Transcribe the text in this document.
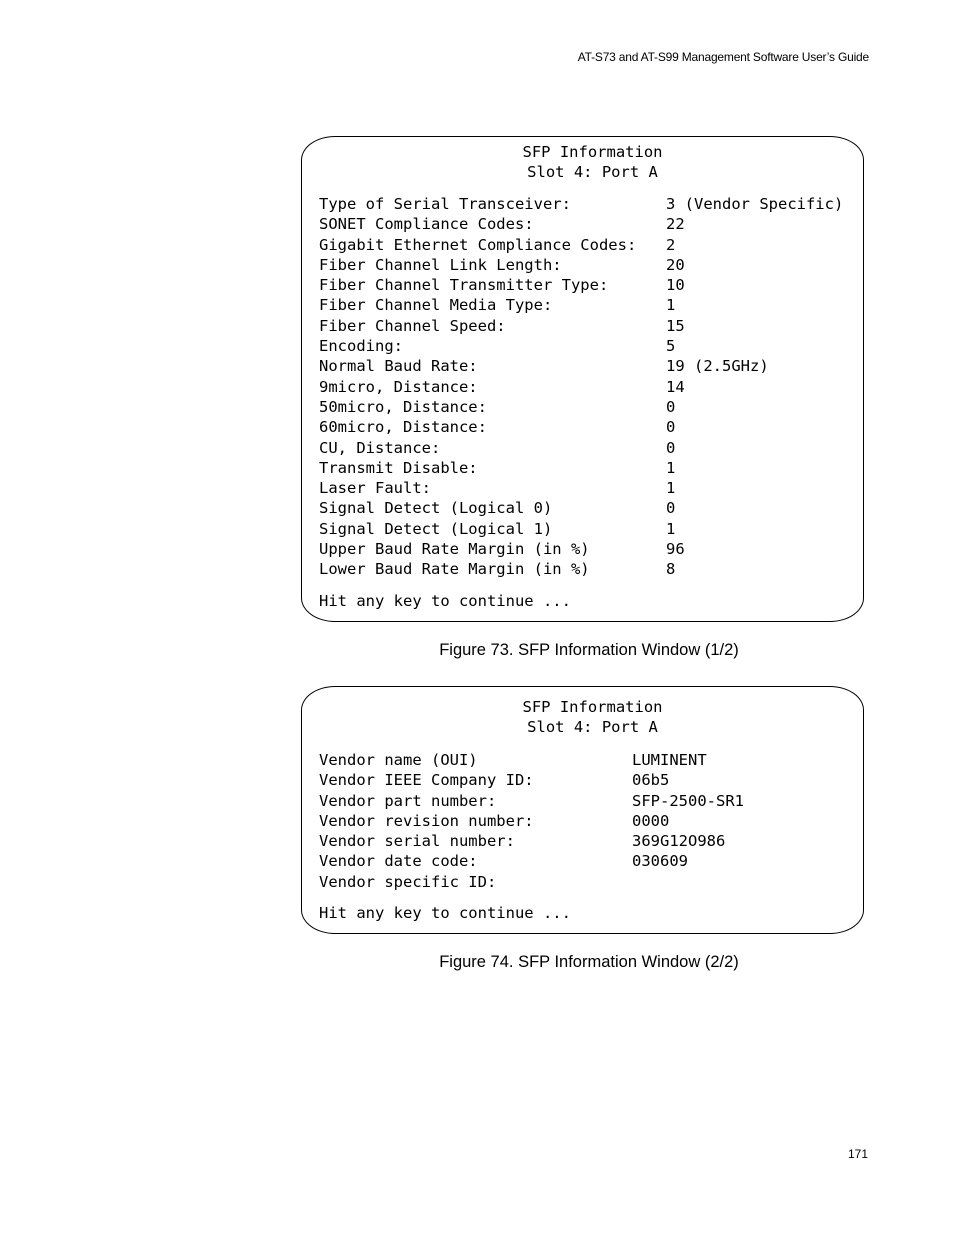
AT-S73 and AT-S99 Management Software User’s Guide
SFP Information
Slot 4: Port A
Type of Serial Transceiver:	3 (Vendor Specific)
SONET Compliance Codes:	22
Gigabit Ethernet Compliance Codes: 2
Fiber Channel Link Length:	20
Fiber Channel Transmitter Type:	10
Fiber Channel Media Type:	1
Fiber Channel Speed:	15
Encoding:	5
Normal Baud Rate:	19 (2.5GHz)
9micro, Distance:	14
50micro, Distance:	0
60micro, Distance:	0
CU, Distance:	0
Transmit Disable:	1
Laser Fault:	1
Signal Detect (Logical 0)	0
Signal Detect (Logical 1)	1
Upper Baud Rate Margin (in %)	96
Lower Baud Rate Margin (in %)	8
Hit any key to continue ...
Figure 73. SFP Information Window (1/2)
SFP Information
Slot 4: Port A
Vendor name (OUI)	LUMINENT
Vendor IEEE Company ID:	06b5
Vendor part number:	SFP-2500-SR1
Vendor revision number:	0000
Vendor serial number:	369G12O986
Vendor date code:	030609
Vendor specific ID:
Hit any key to continue ...
Figure 74. SFP Information Window (2/2)
171
